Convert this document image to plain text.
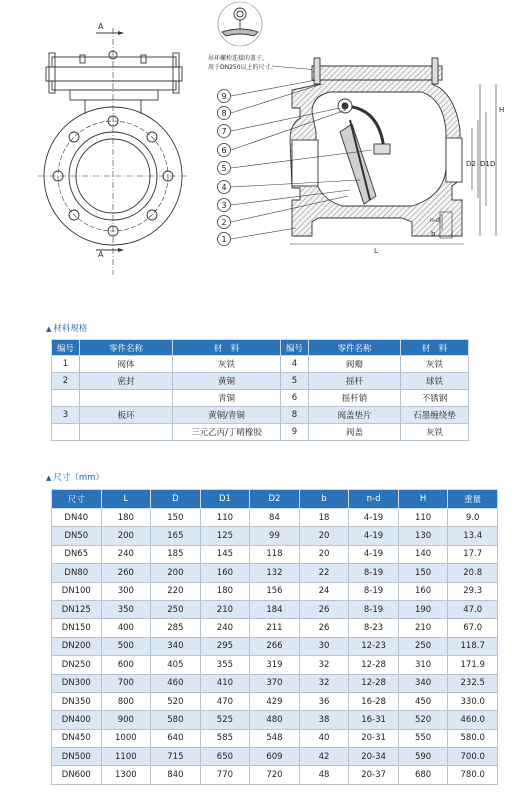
A
A
吊环螺栓连接的盖子，
用于DN250以上的尺寸。
H
D2 D1 D
n-d
b
L
9
8
7
6
5
4
3
2
1
▲ 材料规格
编号	零件名称	材　料	编号	零件名称	材　料
1	阀体	灰铁	4	阀瓣	灰铁
2	密封	黄铜	5	摇杆	球铁
		青铜	6	摇杆销	不锈钢
3	板环	黄铜/青铜	8	阀盖垫片	石墨缠绕垫
		三元乙丙/丁晴橡胶	9	阀盖	灰铁
▲ 尺寸（mm）
尺寸	L	D	D1	D2	b	n-d	H	重量
DN40	180	150	110	84	18	4-19	110	9.0
DN50	200	165	125	99	20	4-19	130	13.4
DN65	240	185	145	118	20	4-19	140	17.7
DN80	260	200	160	132	22	8-19	150	20.8
DN100	300	220	180	156	24	8-19	160	29.3
DN125	350	250	210	184	26	8-19	190	47.0
DN150	400	285	240	211	26	8-23	210	67.0
DN200	500	340	295	266	30	12-23	250	118.7
DN250	600	405	355	319	32	12-28	310	171.9
DN300	700	460	410	370	32	12-28	340	232.5
DN350	800	520	470	429	36	16-28	450	330.0
DN400	900	580	525	480	38	16-31	520	460.0
DN450	1000	640	585	548	40	20-31	550	580.0
DN500	1100	715	650	609	42	20-34	590	700.0
DN600	1300	840	770	720	48	20-37	680	780.0
